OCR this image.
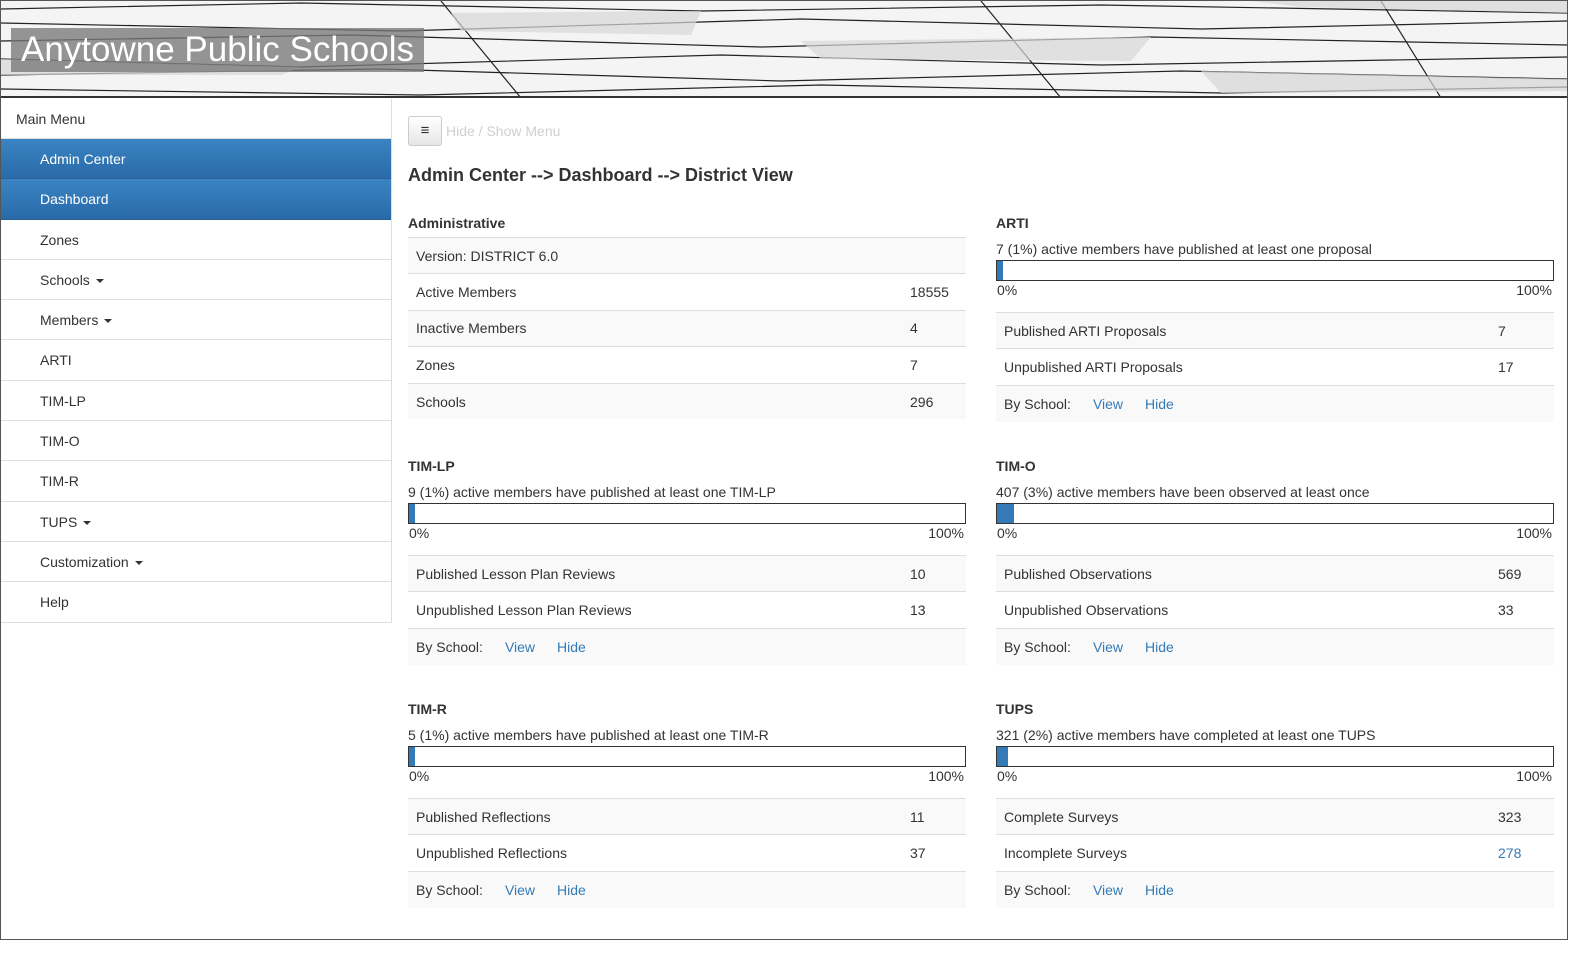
Anytowne Public Schools
Main Menu
Admin Center
Dashboard
Zones
Schools
Members
ARTI
TIM-LP
TIM-O
TIM-R
TUPS
Customization
Help
≡	Hide / Show Menu
Admin Center --> Dashboard --> District View
Administrative
Version: DISTRICT 6.0	
Active Members	18555
Inactive Members	4
Zones	7
Schools	296
ARTI
7 (1%) active members have published at least one proposal
0%	100%
Published ARTI Proposals	7
Unpublished ARTI Proposals	17
By School: View Hide	
TIM-LP
9 (1%) active members have published at least one TIM-LP
0%	100%
Published Lesson Plan Reviews	10
Unpublished Lesson Plan Reviews	13
By School: View Hide	
TIM-O
407 (3%) active members have been observed at least once
0%	100%
Published Observations	569
Unpublished Observations	33
By School: View Hide	
TIM-R
5 (1%) active members have published at least one TIM-R
0%	100%
Published Reflections	11
Unpublished Reflections	37
By School: View Hide	
TUPS
321 (2%) active members have completed at least one TUPS
0%	100%
Complete Surveys	323
Incomplete Surveys	278
By School: View Hide	
